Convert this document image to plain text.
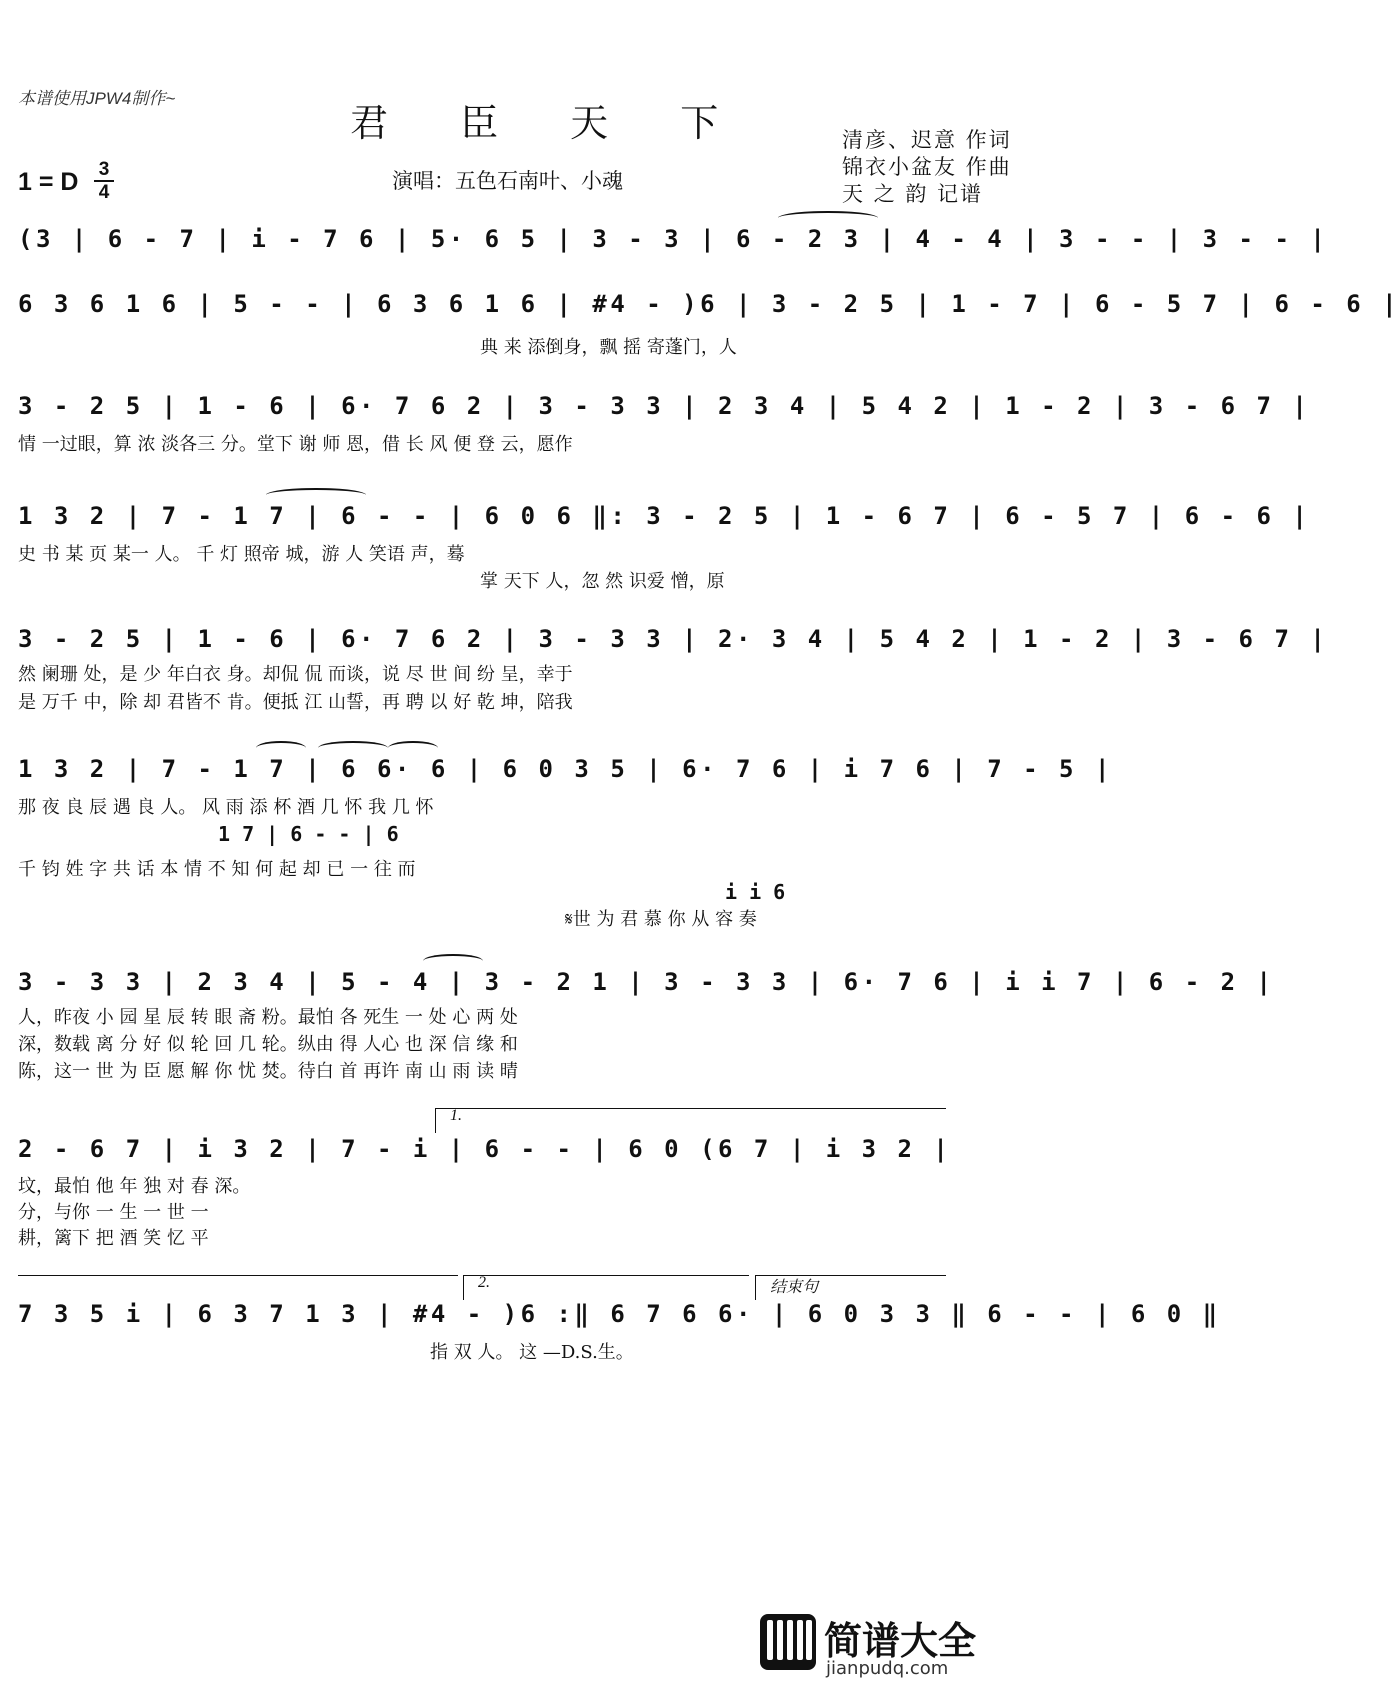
本谱使用JPW4制作~
君 臣 天 下	清彦、迟意 作词
锦衣小盆友 作曲
天 之 韵 记谱
演唱：五色石南叶、小魂
1 = D 3
4
(3 | 6 - 7 | i - 7 6 | 5· 6 5 | 3 - 3 | 6 - 2 3 | 4 - 4 | 3 - - | 3 - - |
6 3 6 1 6 | 5 - - | 6 3 6 1 6 | #4 - )6 | 3 - 2 5 | 1 - 7 | 6 - 5 7 | 6 - 6 |
典 来 添倒身，飘 摇 寄蓬门，人
3 - 2 5 | 1 - 6 | 6· 7 6 2 | 3 - 3 3 | 2 3 4 | 5 4 2 | 1 - 2 | 3 - 6 7 |
情 一过眼，算 浓 淡各三 分。堂下 谢 师 恩，借 长 风 便 登 云，愿作
1 3 2 | 7 - 1 7 | 6 - - | 6 0 6 ‖: 3 - 2 5 | 1 - 6 7 | 6 - 5 7 | 6 - 6 |
史 书 某 页 某一 人。 千 灯 照帝 城，游 人 笑语 声，蓦
掌 天下 人，忽 然 识爱 憎，原
3 - 2 5 | 1 - 6 | 6· 7 6 2 | 3 - 3 3 | 2· 3 4 | 5 4 2 | 1 - 2 | 3 - 6 7 |
然 阑珊 处，是 少 年白衣 身。却侃 侃 而谈，说 尽 世 间 纷 呈，幸于
是 万千 中，除 却 君皆不 肯。便抵 江 山誓，再 聘 以 好 乾 坤，陪我
1 3 2 | 7 - 1 7 | 6 6· 6 | 6 0 3 5 | 6· 7 6 | i 7 6 | 7 - 5 |
那 夜 良 辰 遇 良 人。 风 雨 添 杯 酒 几 怀 我 几 怀
1 7 | 6 - - | 6
千 钧 姓 字 共 话 本 情 不 知 何 起 却 已 一 往 而
i i 6
𝄋世 为 君 慕 你 从 容 奏
3 - 3 3 | 2 3 4 | 5 - 4 | 3 - 2 1 | 3 - 3 3 | 6· 7 6 | i i 7 | 6 - 2 |
人，昨夜 小 园 星 辰 转 眼 斋 粉。最怕 各 死生 一 处 心 两 处
深，数载 离 分 好 似 轮 回 几 轮。纵由 得 人心 也 深 信 缘 和
陈，这一 世 为 臣 愿 解 你 忧 焚。待白 首 再许 南 山 雨 读 晴
1.
2 - 6 7 | i 3 2 | 7 - i | 6 - - | 6 0 (6 7 | i 3 2 |
坟，最怕 他 年 独 对 春 深。
分，与你 一 生 一 世 一
耕，篱下 把 酒 笑 忆 平
2.	结束句
7 3 5 i | 6 3 7 1 3 | #4 - )6 :‖ 6 7 6 6· | 6 0 3 3 ‖ 6 - - | 6 0 ‖
指 双 人。 这 —D.S.生。
简谱大全
jianpudq.com
